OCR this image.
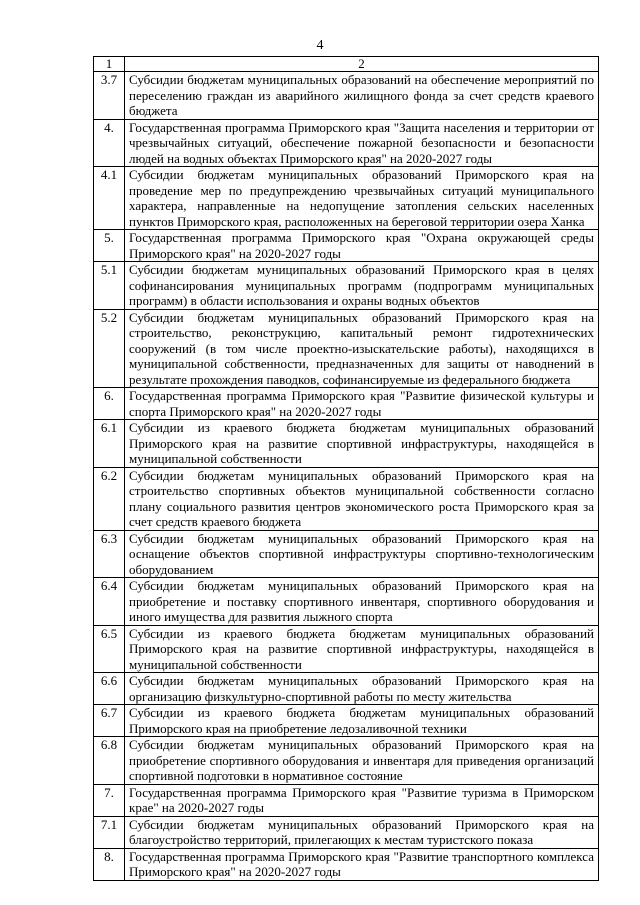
4
1	2
3.7	Субсидии бюджетам муниципальных образований на обеспечение мероприятий по переселению граждан из аварийного жилищного фонда за счет средств краевого бюджета
4.	Государственная программа Приморского края "Защита населения и территории от чрезвычайных ситуаций, обеспечение пожарной безопасности и безопасности людей на водных объектах Приморского края" на 2020-2027 годы
4.1	Субсидии бюджетам муниципальных образований Приморского края на проведение мер по предупреждению чрезвычайных ситуаций муниципального характера, направленные на недопущение затопления сельских населенных пунктов Приморского края, расположенных на береговой территории озера Ханка
5.	Государственная программа Приморского края "Охрана окружающей среды Приморского края" на 2020-2027 годы
5.1	Субсидии бюджетам муниципальных образований Приморского края в целях софинансирования муниципальных программ (подпрограмм муниципальных программ) в области использования и охраны водных объектов
5.2	Субсидии бюджетам муниципальных образований Приморского края на строительство, реконструкцию, капитальный ремонт гидротехнических сооружений (в том числе проектно-изыскательские работы), находящихся в муниципальной собственности, предназначенных для защиты от наводнений в результате прохождения паводков, софинансируемые из федерального бюджета
6.	Государственная программа Приморского края "Развитие физической культуры и спорта Приморского края" на 2020-2027 годы
6.1	Субсидии из краевого бюджета бюджетам муниципальных образований Приморского края на развитие спортивной инфраструктуры, находящейся в муниципальной собственности
6.2	Субсидии бюджетам муниципальных образований Приморского края на строительство спортивных объектов муниципальной собственности согласно плану социального развития центров экономического роста Приморского края за счет средств краевого бюджета
6.3	Субсидии бюджетам муниципальных образований Приморского края на оснащение объектов спортивной инфраструктуры спортивно-технологическим оборудованием
6.4	Субсидии бюджетам муниципальных образований Приморского края на приобретение и поставку спортивного инвентаря, спортивного оборудования и иного имущества для развития лыжного спорта
6.5	Субсидии из краевого бюджета бюджетам муниципальных образований Приморского края на развитие спортивной инфраструктуры, находящейся в муниципальной собственности
6.6	Субсидии бюджетам муниципальных образований Приморского края на организацию физкультурно-спортивной работы по месту жительства
6.7	Субсидии из краевого бюджета бюджетам муниципальных образований Приморского края на приобретение ледозаливочной техники
6.8	Субсидии бюджетам муниципальных образований Приморского края на приобретение спортивного оборудования и инвентаря для приведения организаций спортивной подготовки в нормативное состояние
7.	Государственная программа Приморского края "Развитие туризма в Приморском крае" на 2020-2027 годы
7.1	Субсидии бюджетам муниципальных образований Приморского края на благоустройство территорий, прилегающих к местам туристского показа
8.	Государственная программа Приморского края "Развитие транспортного комплекса Приморского края" на 2020-2027 годы
